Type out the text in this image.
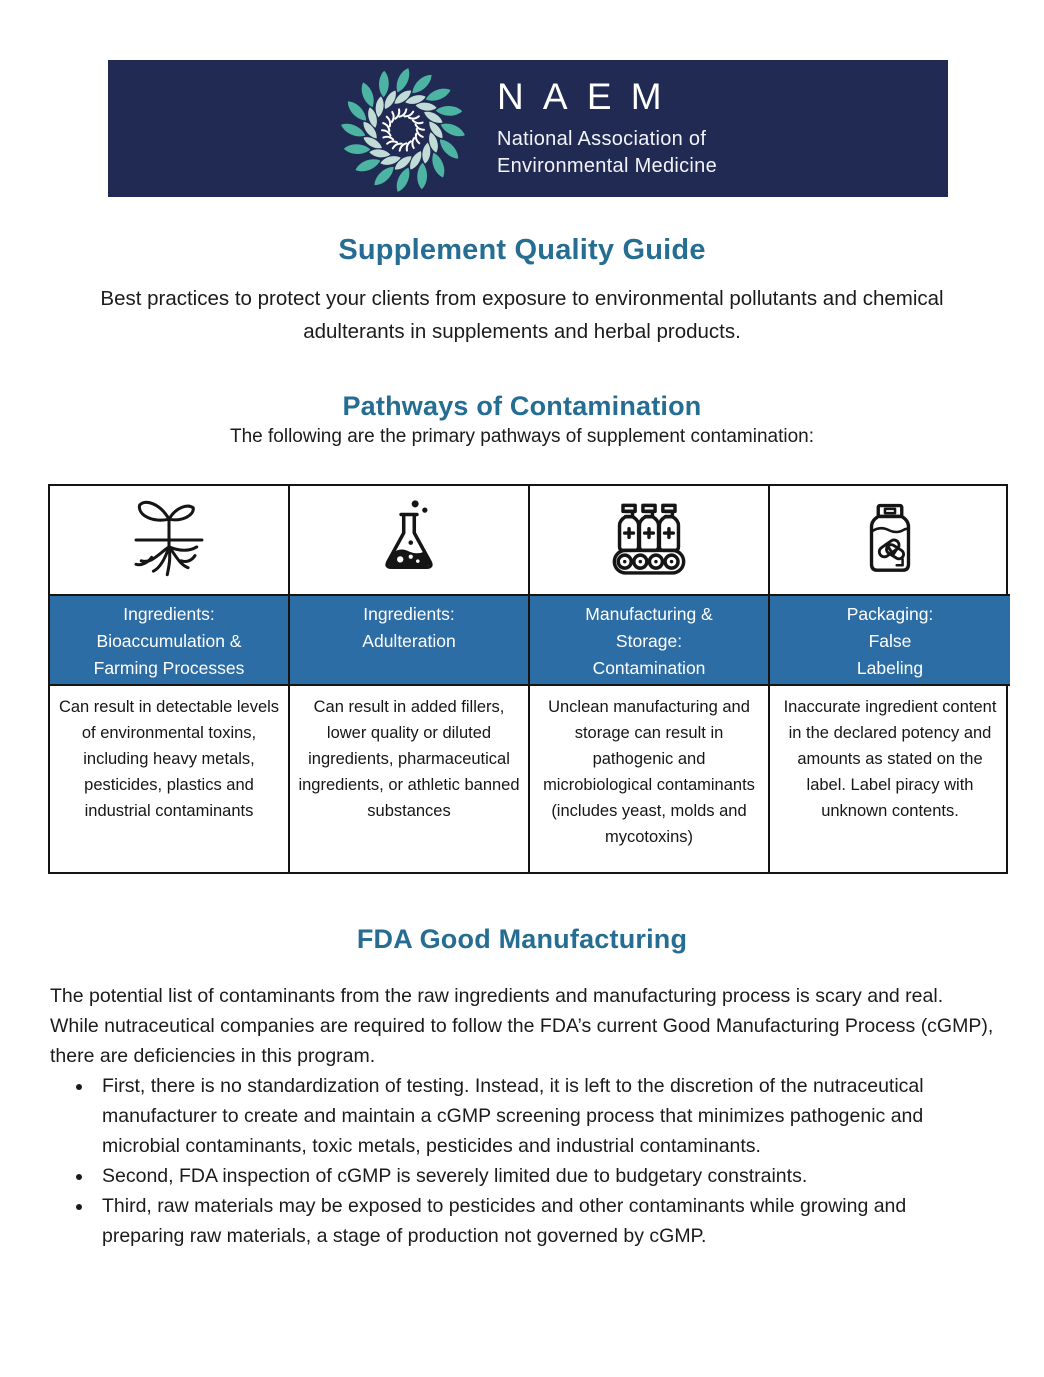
NAEM
National Association of
Environmental Medicine
Supplement Quality Guide

Best practices to protect your clients from exposure to environmental pollutants and chemical adulterants in supplements and herbal products.

Pathways of Contamination

The following are the primary pathways of supplement contamination:

Ingredients:
Bioaccumulation &
Farming Processes
Ingredients:
Adulteration
Manufacturing &
Storage:
Contamination
Packaging:
False
Labeling
Can result in detectable levels of environmental toxins, including heavy metals, pesticides, plastics and industrial contaminants
Can result in added fillers, lower quality or diluted ingredients, pharmaceutical ingredients, or athletic banned substances
Unclean manufacturing and storage can result in pathogenic and microbiological contaminants (includes yeast, molds and mycotoxins)
Inaccurate ingredient content in the declared potency and amounts as stated on the label. Label piracy with unknown contents.
FDA Good Manufacturing

The potential list of contaminants from the raw ingredients and manufacturing process is scary and real. While nutraceutical companies are required to follow the FDA’s current Good Manufacturing Process (cGMP), there are deficiencies in this program.

• First, there is no standardization of testing. Instead, it is left to the discretion of the nutraceutical manufacturer to create and maintain a cGMP screening process that minimizes pathogenic and microbial contaminants, toxic metals, pesticides and industrial contaminants.
• Second, FDA inspection of cGMP is severely limited due to budgetary constraints.
• Third, raw materials may be exposed to pesticides and other contaminants while growing and preparing raw materials, a stage of production not governed by cGMP.
